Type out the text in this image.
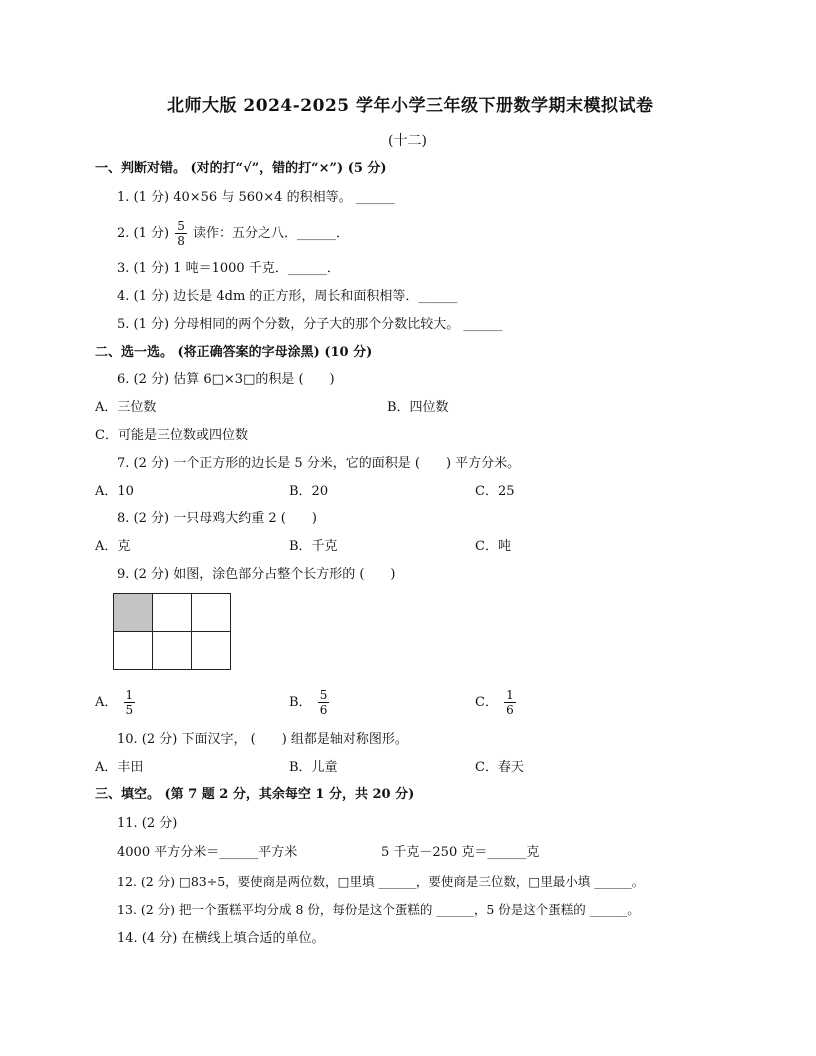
北师大版 2024-2025 学年小学三年级下册数学期末模拟试卷
(十二)
一、判断对错。 (对的打“√”，错的打“×”) (5 分)
1. (1 分) 40×56 与 560×4 的积相等。 ______
2. (1 分) $\frac{5}{8}$ 读作：五分之八．______．
3. (1 分) 1 吨＝1000 千克．______．
4. (1 分) 边长是 4dm 的正方形，周长和面积相等．______
5. (1 分) 分母相同的两个分数，分子大的那个分数比较大。 ______
二、选一选。 (将正确答案的字母涂黑) (10 分)
6. (2 分) 估算 6□×3□的积是 (　　)
A．三位数	B．四位数
C．可能是三位数或四位数
7. (2 分) 一个正方形的边长是 5 分米，它的面积是 (　　) 平方分米。
A．10	B．20	C．25
8. (2 分) 一只母鸡大约重 2 (　　)
A．克	B．千克	C．吨
9. (2 分) 如图，涂色部分占整个长方形的 (　　)

A． $\frac{1}{5}$	B． $\frac{5}{6}$	C． $\frac{1}{6}$
10. (2 分) 下面汉字， (　　) 组都是轴对称图形。
A．丰田	B．儿童	C．春天
三、填空。 (第 7 题 2 分，其余每空 1 分，共 20 分)
11. (2 分)
4000 平方分米＝______平方米	5 千克－250 克＝______克
12. (2 分) □83÷5，要使商是两位数，□里填 ______，要使商是三位数，□里最小填 ______。
13. (2 分) 把一个蛋糕平均分成 8 份，每份是这个蛋糕的 ______，5 份是这个蛋糕的 ______。
14. (4 分) 在横线上填合适的单位。
